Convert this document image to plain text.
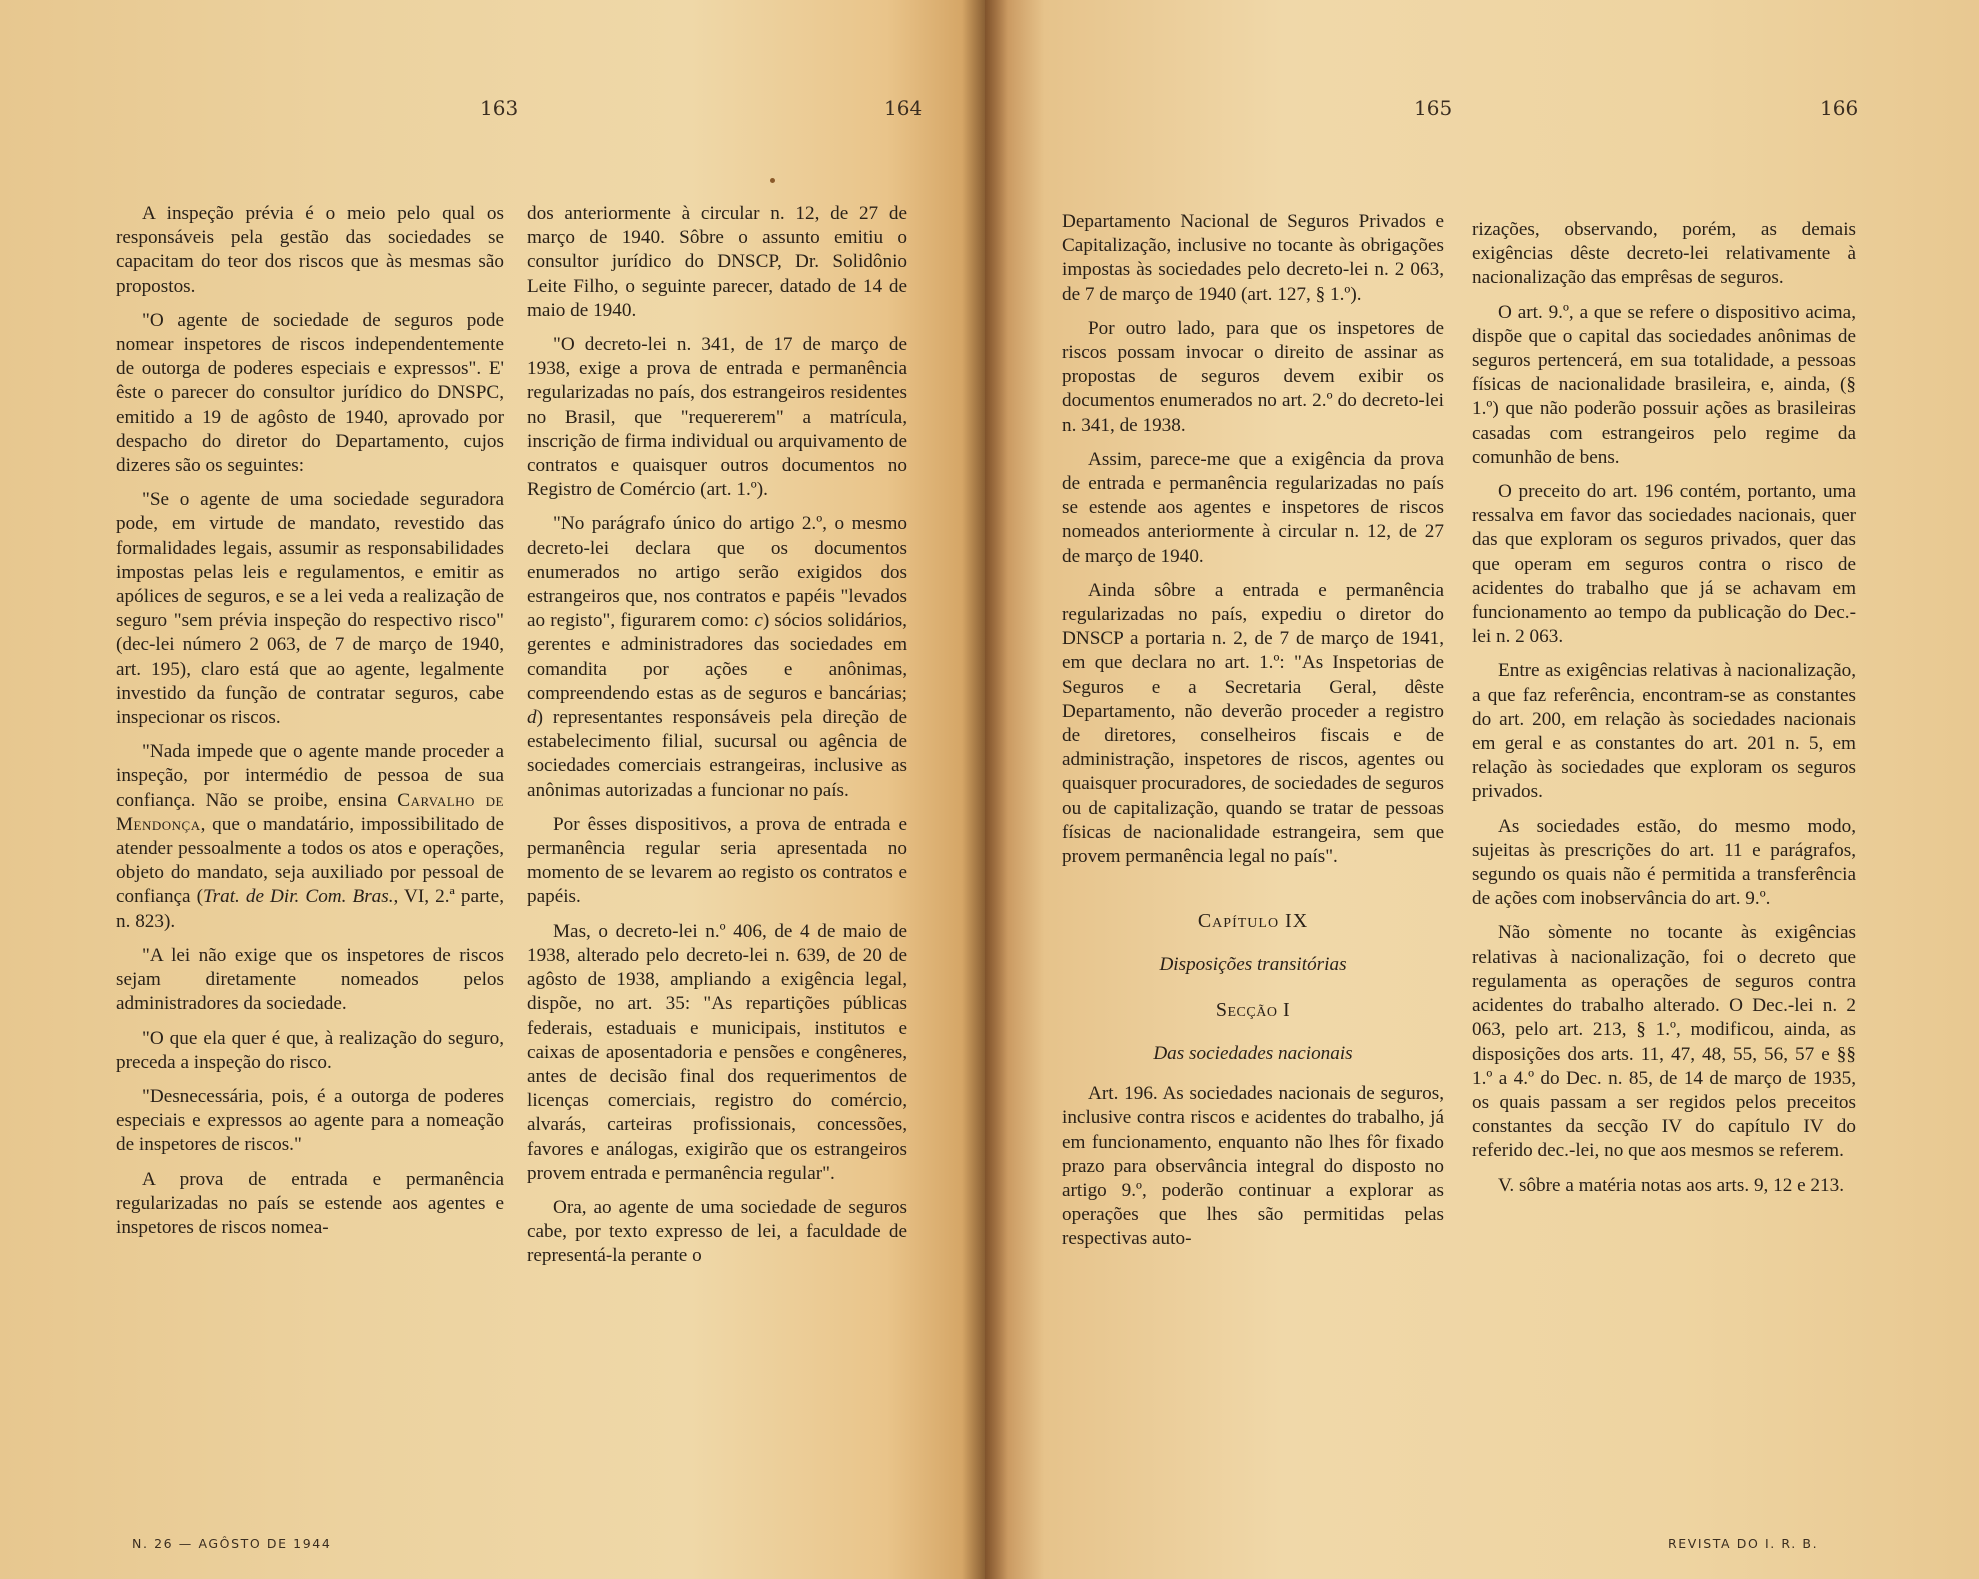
163	164	165	166

A inspeção prévia é o meio pelo qual os responsáveis pela gestão das sociedades se capacitam do teor dos riscos que às mesmas são propostos.

"O agente de sociedade de seguros pode nomear inspetores de riscos independentemente de outorga de poderes especiais e expressos". E' êste o parecer do consultor jurídico do DNSPC, emitido a 19 de agôsto de 1940, aprovado por despacho do diretor do Departamento, cujos dizeres são os seguintes:

"Se o agente de uma sociedade seguradora pode, em virtude de mandato, revestido das formalidades legais, assumir as responsabilidades impostas pelas leis e regulamentos, e emitir as apólices de seguros, e se a lei veda a realização de seguro "sem prévia inspeção do respectivo risco" (dec-lei número 2 063, de 7 de março de 1940, art. 195), claro está que ao agente, legalmente investido da função de contratar seguros, cabe inspecionar os riscos.

"Nada impede que o agente mande proceder a inspeção, por intermédio de pessoa de sua confiança. Não se proibe, ensina Carvalho de Mendonça, que o mandatário, impossibilitado de atender pessoalmente a todos os atos e operações, objeto do mandato, seja auxiliado por pessoal de confiança (Trat. de Dir. Com. Bras., VI, 2.ª parte, n. 823).

"A lei não exige que os inspetores de riscos sejam diretamente nomeados pelos administradores da sociedade.

"O que ela quer é que, à realização do seguro, preceda a inspeção do risco.

"Desnecessária, pois, é a outorga de poderes especiais e expressos ao agente para a nomeação de inspetores de riscos."

A prova de entrada e permanência regularizadas no país se estende aos agentes e inspetores de riscos nomea-

dos anteriormente à circular n. 12, de 27 de março de 1940. Sôbre o assunto emitiu o consultor jurídico do DNSCP, Dr. Solidônio Leite Filho, o seguinte parecer, datado de 14 de maio de 1940.

"O decreto-lei n. 341, de 17 de março de 1938, exige a prova de entrada e permanência regularizadas no país, dos estrangeiros residentes no Brasil, que "requererem" a matrícula, inscrição de firma individual ou arquivamento de contratos e quaisquer outros documentos no Registro de Comércio (art. 1.º).

"No parágrafo único do artigo 2.º, o mesmo decreto-lei declara que os documentos enumerados no artigo serão exigidos dos estrangeiros que, nos contratos e papéis "levados ao registo", figurarem como: c) sócios solidários, gerentes e administradores das sociedades em comandita por ações e anônimas, compreendendo estas as de seguros e bancárias; d) representantes responsáveis pela direção de estabelecimento filial, sucursal ou agência de sociedades comerciais estrangeiras, inclusive as anônimas autorizadas a funcionar no país.

Por êsses dispositivos, a prova de entrada e permanência regular seria apresentada no momento de se levarem ao registo os contratos e papéis.

Mas, o decreto-lei n.º 406, de 4 de maio de 1938, alterado pelo decreto-lei n. 639, de 20 de agôsto de 1938, ampliando a exigência legal, dispõe, no art. 35: "As repartições públicas federais, estaduais e municipais, institutos e caixas de aposentadoria e pensões e congêneres, antes de decisão final dos requerimentos de licenças comerciais, registro do comércio, alvarás, carteiras profissionais, concessões, favores e análogas, exigirão que os estrangeiros provem entrada e permanência regular".

Ora, ao agente de uma sociedade de seguros cabe, por texto expresso de lei, a faculdade de representá-la perante o

Departamento Nacional de Seguros Privados e Capitalização, inclusive no tocante às obrigações impostas às sociedades pelo decreto-lei n. 2 063, de 7 de março de 1940 (art. 127, § 1.º).

Por outro lado, para que os inspetores de riscos possam invocar o direito de assinar as propostas de seguros devem exibir os documentos enumerados no art. 2.º do decreto-lei n. 341, de 1938.

Assim, parece-me que a exigência da prova de entrada e permanência regularizadas no país se estende aos agentes e inspetores de riscos nomeados anteriormente à circular n. 12, de 27 de março de 1940.

Ainda sôbre a entrada e permanência regularizadas no país, expediu o diretor do DNSCP a portaria n. 2, de 7 de março de 1941, em que declara no art. 1.º: "As Inspetorias de Seguros e a Secretaria Geral, dêste Departamento, não deverão proceder a registro de diretores, conselheiros fiscais e de administração, inspetores de riscos, agentes ou quaisquer procuradores, de sociedades de seguros ou de capitalização, quando se tratar de pessoas físicas de nacionalidade estrangeira, sem que provem permanência legal no país".

Capítulo IX

Disposições transitórias

Secção I

Das sociedades nacionais

Art. 196. As sociedades nacionais de seguros, inclusive contra riscos e acidentes do trabalho, já em funcionamento, enquanto não lhes fôr fixado prazo para observância integral do disposto no artigo 9.º, poderão continuar a explorar as operações que lhes são permitidas pelas respectivas auto-

rizações, observando, porém, as demais exigências dêste decreto-lei relativamente à nacionalização das emprêsas de seguros.

O art. 9.º, a que se refere o dispositivo acima, dispõe que o capital das sociedades anônimas de seguros pertencerá, em sua totalidade, a pessoas físicas de nacionalidade brasileira, e, ainda, (§ 1.º) que não poderão possuir ações as brasileiras casadas com estrangeiros pelo regime da comunhão de bens.

O preceito do art. 196 contém, portanto, uma ressalva em favor das sociedades nacionais, quer das que exploram os seguros privados, quer das que operam em seguros contra o risco de acidentes do trabalho que já se achavam em funcionamento ao tempo da publicação do Dec.-lei n. 2 063.

Entre as exigências relativas à nacionalização, a que faz referência, encontram-se as constantes do art. 200, em relação às sociedades nacionais em geral e as constantes do art. 201 n. 5, em relação às sociedades que exploram os seguros privados.

As sociedades estão, do mesmo modo, sujeitas às prescrições do art. 11 e parágrafos, segundo os quais não é permitida a transferência de ações com inobservância do art. 9.º.

Não sòmente no tocante às exigências relativas à nacionalização, foi o decreto que regulamenta as operações de seguros contra acidentes do trabalho alterado. O Dec.-lei n. 2 063, pelo art. 213, § 1.º, modificou, ainda, as disposições dos arts. 11, 47, 48, 55, 56, 57 e §§ 1.º a 4.º do Dec. n. 85, de 14 de março de 1935, os quais passam a ser regidos pelos preceitos constantes da secção IV do capítulo IV do referido dec.-lei, no que aos mesmos se referem.

V. sôbre a matéria notas aos arts. 9, 12 e 213.

N. 26 — AGÔSTO DE 1944	REVISTA DO I. R. B.
